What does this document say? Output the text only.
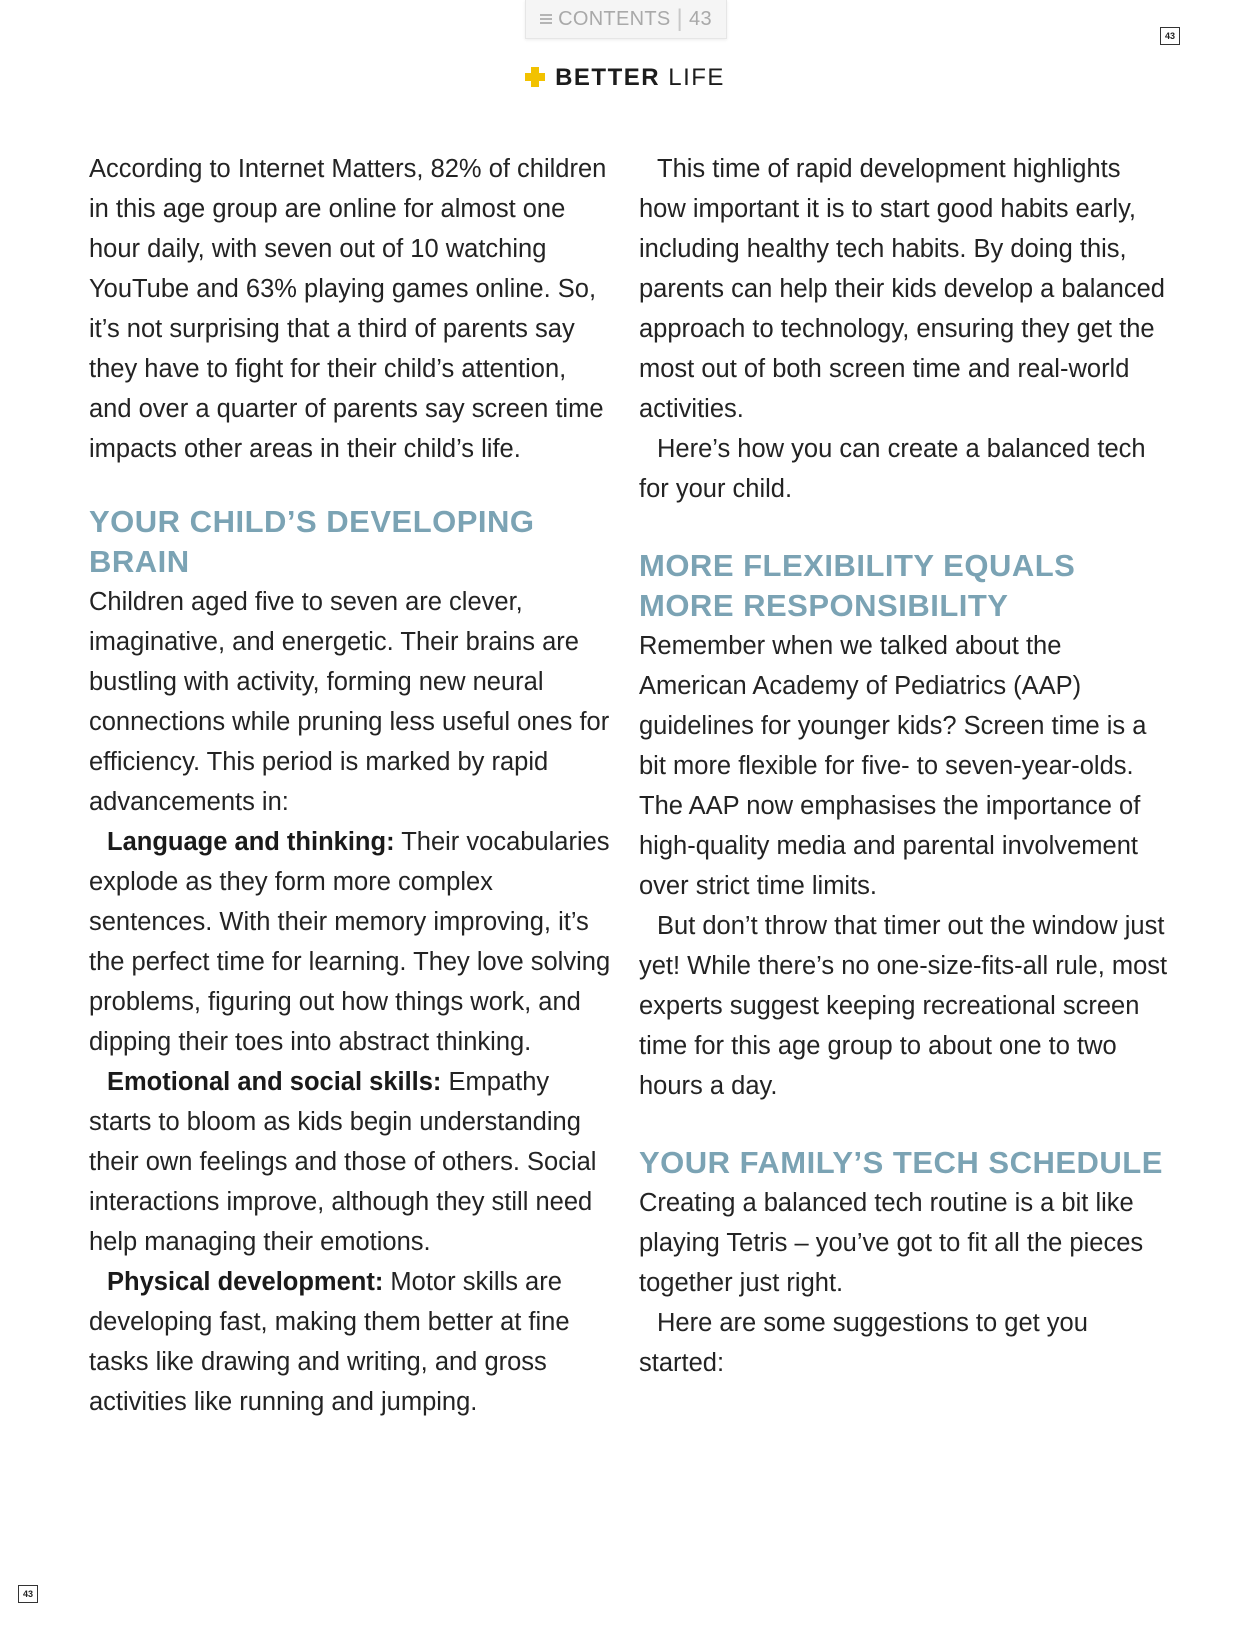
CONTENTS | 43
43
43
BETTER LIFE

According to Internet Matters, 82% of children in this age group are online for almost one hour daily, with seven out of 10 watching YouTube and 63% playing games online. So, it’s not surprising that a third of parents say they have to fight for their child’s attention, and over a quarter of parents say screen time impacts other areas in their child’s life.

YOUR CHILD’S DEVELOPING BRAIN

Children aged five to seven are clever, imaginative, and energetic. Their brains are bustling with activity, forming new neural connections while pruning less useful ones for efficiency. This period is marked by rapid advancements in:

Language and thinking: Their vocabularies explode as they form more complex sentences. With their memory improving, it’s the perfect time for learning. They love solving problems, figuring out how things work, and dipping their toes into abstract thinking.

Emotional and social skills: Empathy starts to bloom as kids begin understanding their own feelings and those of others. Social interactions improve, although they still need help managing their emotions.

Physical development: Motor skills are developing fast, making them better at fine tasks like drawing and writing, and gross activities like running and jumping.

This time of rapid development highlights how important it is to start good habits early, including healthy tech habits. By doing this, parents can help their kids develop a balanced approach to technology, ensuring they get the most out of both screen time and real-world activities.

Here’s how you can create a balanced tech for your child.

MORE FLEXIBILITY EQUALS MORE RESPONSIBILITY

Remember when we talked about the American Academy of Pediatrics (AAP) guidelines for younger kids? Screen time is a bit more flexible for five- to seven-year-olds. The AAP now emphasises the importance of high-quality media and parental involvement over strict time limits.

But don’t throw that timer out the window just yet! While there’s no one-size-fits-all rule, most experts suggest keeping recreational screen time for this age group to about one to two hours a day.

YOUR FAMILY’S TECH SCHEDULE

Creating a balanced tech routine is a bit like playing Tetris – you’ve got to fit all the pieces together just right.

Here are some suggestions to get you started:
